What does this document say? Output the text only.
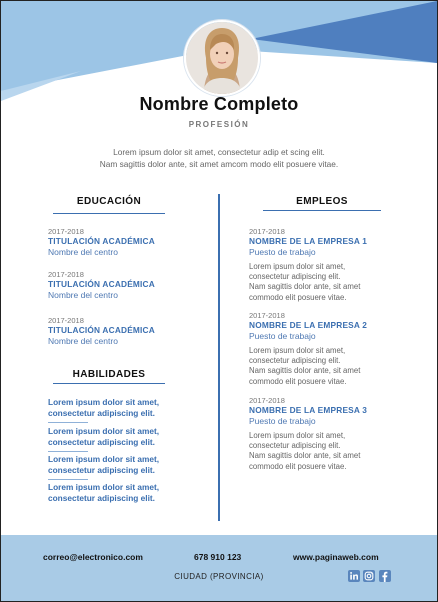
Nombre Completo
PROFESIÓN
Lorem ipsum dolor sit amet, consectetur adip et scing elit.
Nam sagittis dolor ante, sit amet amcom modo elit posuere vitae.
EDUCACIÓN
2017-2018
TITULACIÓN ACADÉMICA
Nombre del centro
2017-2018
TITULACIÓN ACADÉMICA
Nombre del centro
2017-2018
TITULACIÓN ACADÉMICA
Nombre del centro
HABILIDADES
Lorem ipsum dolor sit amet,
consectetur adipiscing elit.
Lorem ipsum dolor sit amet,
consectetur adipiscing elit.
Lorem ipsum dolor sit amet,
consectetur adipiscing elit.
Lorem ipsum dolor sit amet,
consectetur adipiscing elit.
EMPLEOS
2017-2018
NOMBRE DE LA EMPRESA 1
Puesto de trabajo
Lorem ipsum dolor sit amet,
consectetur adipiscing elit.
Nam sagittis dolor ante, sit amet
commodo elit posuere vitae.
2017-2018
NOMBRE DE LA EMPRESA 2
Puesto de trabajo
Lorem ipsum dolor sit amet,
consectetur adipiscing elit.
Nam sagittis dolor ante, sit amet
commodo elit posuere vitae.
2017-2018
NOMBRE DE LA EMPRESA 3
Puesto de trabajo
Lorem ipsum dolor sit amet,
consectetur adipiscing elit.
Nam sagittis dolor ante, sit amet
commodo elit posuere vitae.
correo@electronico.com	678 910 123	www.paginaweb.com
CIUDAD (PROVINCIA)
